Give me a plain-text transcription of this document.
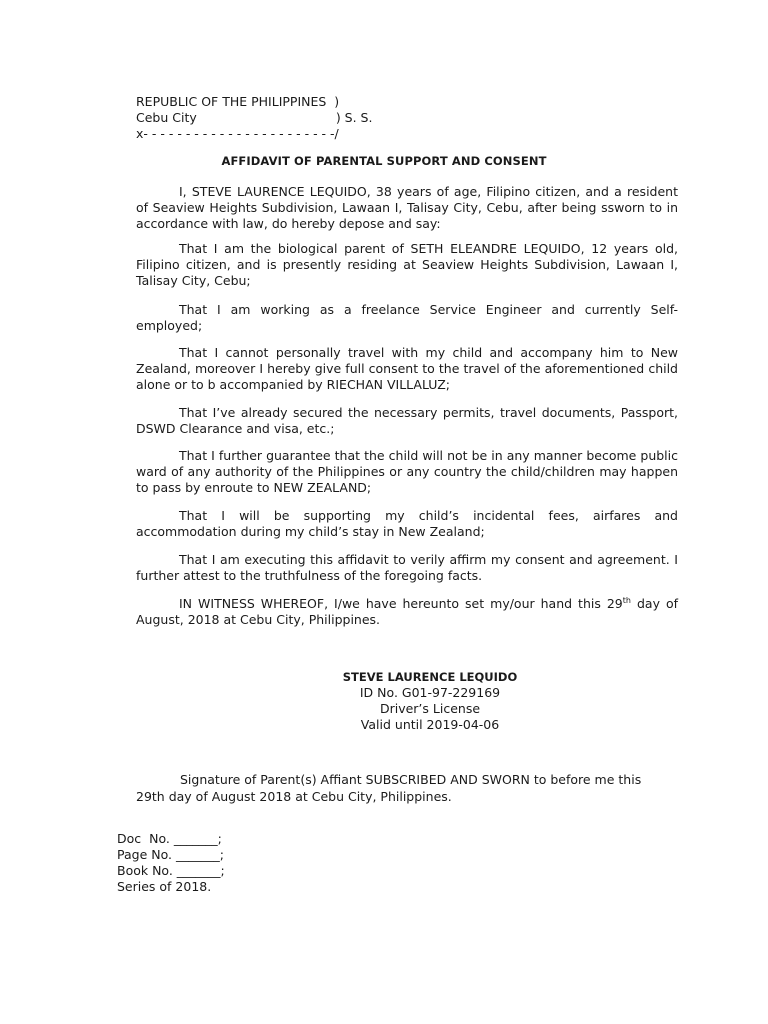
REPUBLIC OF THE PHILIPPINES  )
Cebu City                                   ) S. S.
x- - - - - - - - - - - - - - - - - - - - - - -/
AFFIDAVIT OF PARENTAL SUPPORT AND CONSENT

I, STEVE LAURENCE LEQUIDO, 38 years of age, Filipino citizen, and a resident of Seaview Heights Subdivision, Lawaan I, Talisay City, Cebu, after being ssworn to in accordance with law, do hereby depose and say:

That I am the biological parent of SETH ELEANDRE LEQUIDO, 12 years old, Filipino citizen, and is presently residing at Seaview Heights Subdivision, Lawaan I, Talisay City, Cebu;

That I am working as a freelance Service Engineer and currently Self-employed;

That I cannot personally travel with my child and accompany him to New Zealand, moreover I hereby give full consent to the travel of the aforementioned child alone or to b accompanied by RIECHAN VILLALUZ;

That I’ve already secured the necessary permits, travel documents, Passport, DSWD Clearance and visa, etc.;

That I further guarantee that the child will not be in any manner become public ward of any authority of the Philippines or any country the child/children may happen to pass by enroute to NEW ZEALAND;

That I will be supporting my child’s incidental fees, airfares and accommodation during my child’s stay in New Zealand;

That I am executing this affidavit to verily affirm my consent and agreement. I further attest to the truthfulness of the foregoing facts.

IN WITNESS WHEREOF, I/we have hereunto set my/our hand this 29th day of August, 2018 at Cebu City, Philippines.

STEVE LAURENCE LEQUIDO
ID No. G01-97-229169
Driver’s License
Valid until 2019-04-06
Signature of Parent(s) Affiant SUBSCRIBED AND SWORN to before me this
29th day of August 2018 at Cebu City, Philippines.
Doc  No. _______;
Page No. _______;
Book No. _______;
Series of 2018.
